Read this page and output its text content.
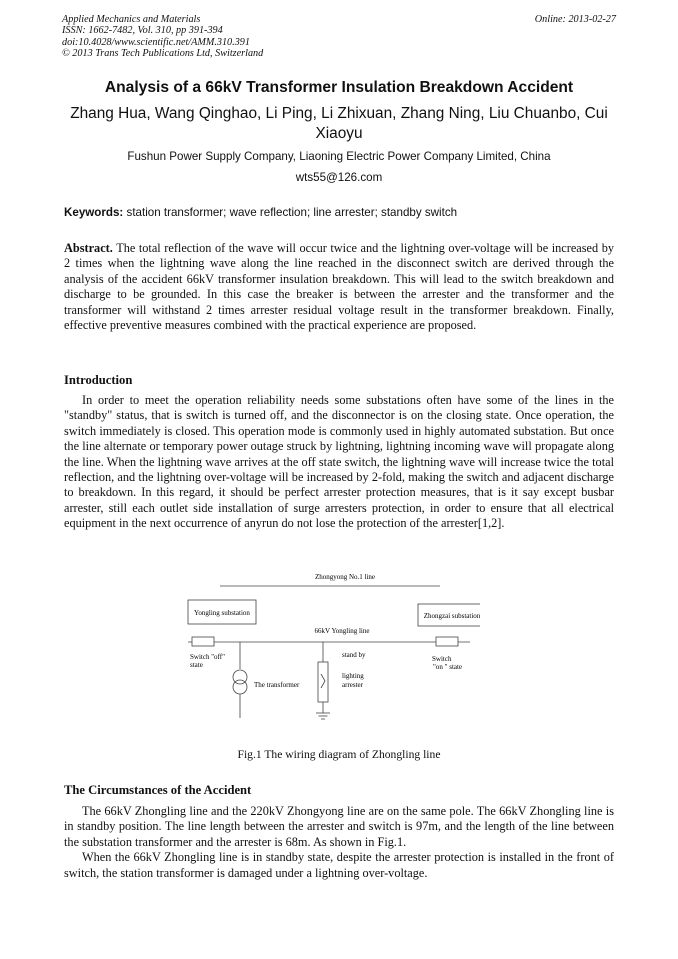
Applied Mechanics and Materials
ISSN: 1662-7482, Vol. 310, pp 391-394
doi:10.4028/www.scientific.net/AMM.310.391
© 2013 Trans Tech Publications Ltd, Switzerland
Online: 2013-02-27
Analysis of a 66kV Transformer Insulation Breakdown Accident
Zhang Hua, Wang Qinghao, Li Ping, Li Zhixuan, Zhang Ning, Liu Chuanbo, Cui Xiaoyu
Fushun Power Supply Company, Liaoning Electric Power Company Limited, China
wts55@126.com
Keywords: station transformer; wave reflection; line arrester; standby switch
Abstract. The total reflection of the wave will occur twice and the lightning over-voltage will be increased by 2 times when the lightning wave along the line reached in the disconnect switch are derived through the analysis of the accident 66kV transformer insulation breakdown. This will lead to the switch breakdown and discharge to be grounded. In this case the breaker is between the arrester and the transformer and the transformer will withstand 2 times arrester residual voltage result in the transformer breakdown. Finally, effective preventive measures combined with the practical experience are proposed.
Introduction
In order to meet the operation reliability needs some substations often have some of the lines in the "standby" status, that is switch is turned off, and the disconnector is on the closing state. Once operation, the switch immediately is closed. This operation mode is commonly used in highly automated substation. But once the line alternate or temporary power outage struck by lightning, lightning incoming wave will propagate along the line. When the lightning wave arrives at the off state switch, the lightning wave will increase twice the total reflection, and the lightning over-voltage will be increased by 2-fold, making the switch and adjacent discharge to breakdown. In this regard, it should be perfect arrester protection measures, that is it say except busbar arrester, still each outlet side installation of surge arresters protection, in order to ensure that all electrical equipment in the next occurrence of anyrun do not lose the protection of the arrester[1,2].
Zhongyong No.1 line
Yongling substation	Zhongzai substation
66kV Yongling line
Switch "off"
state
The transformer
stand by
lighting
arrester
Switch
"on " state
Fig.1 The wiring diagram of Zhongling line
The Circumstances of the Accident
The 66kV Zhongling line and the 220kV Zhongyong line are on the same pole. The 66kV Zhongling line is in standby position. The line length between the arrester and switch is 97m, and the length of the line between the substation transformer and the arrester is 68m. As shown in Fig.1.
When the 66kV Zhongling line is in standby state, despite the arrester protection is installed in the front of switch, the station transformer is damaged under a lightning over-voltage.
